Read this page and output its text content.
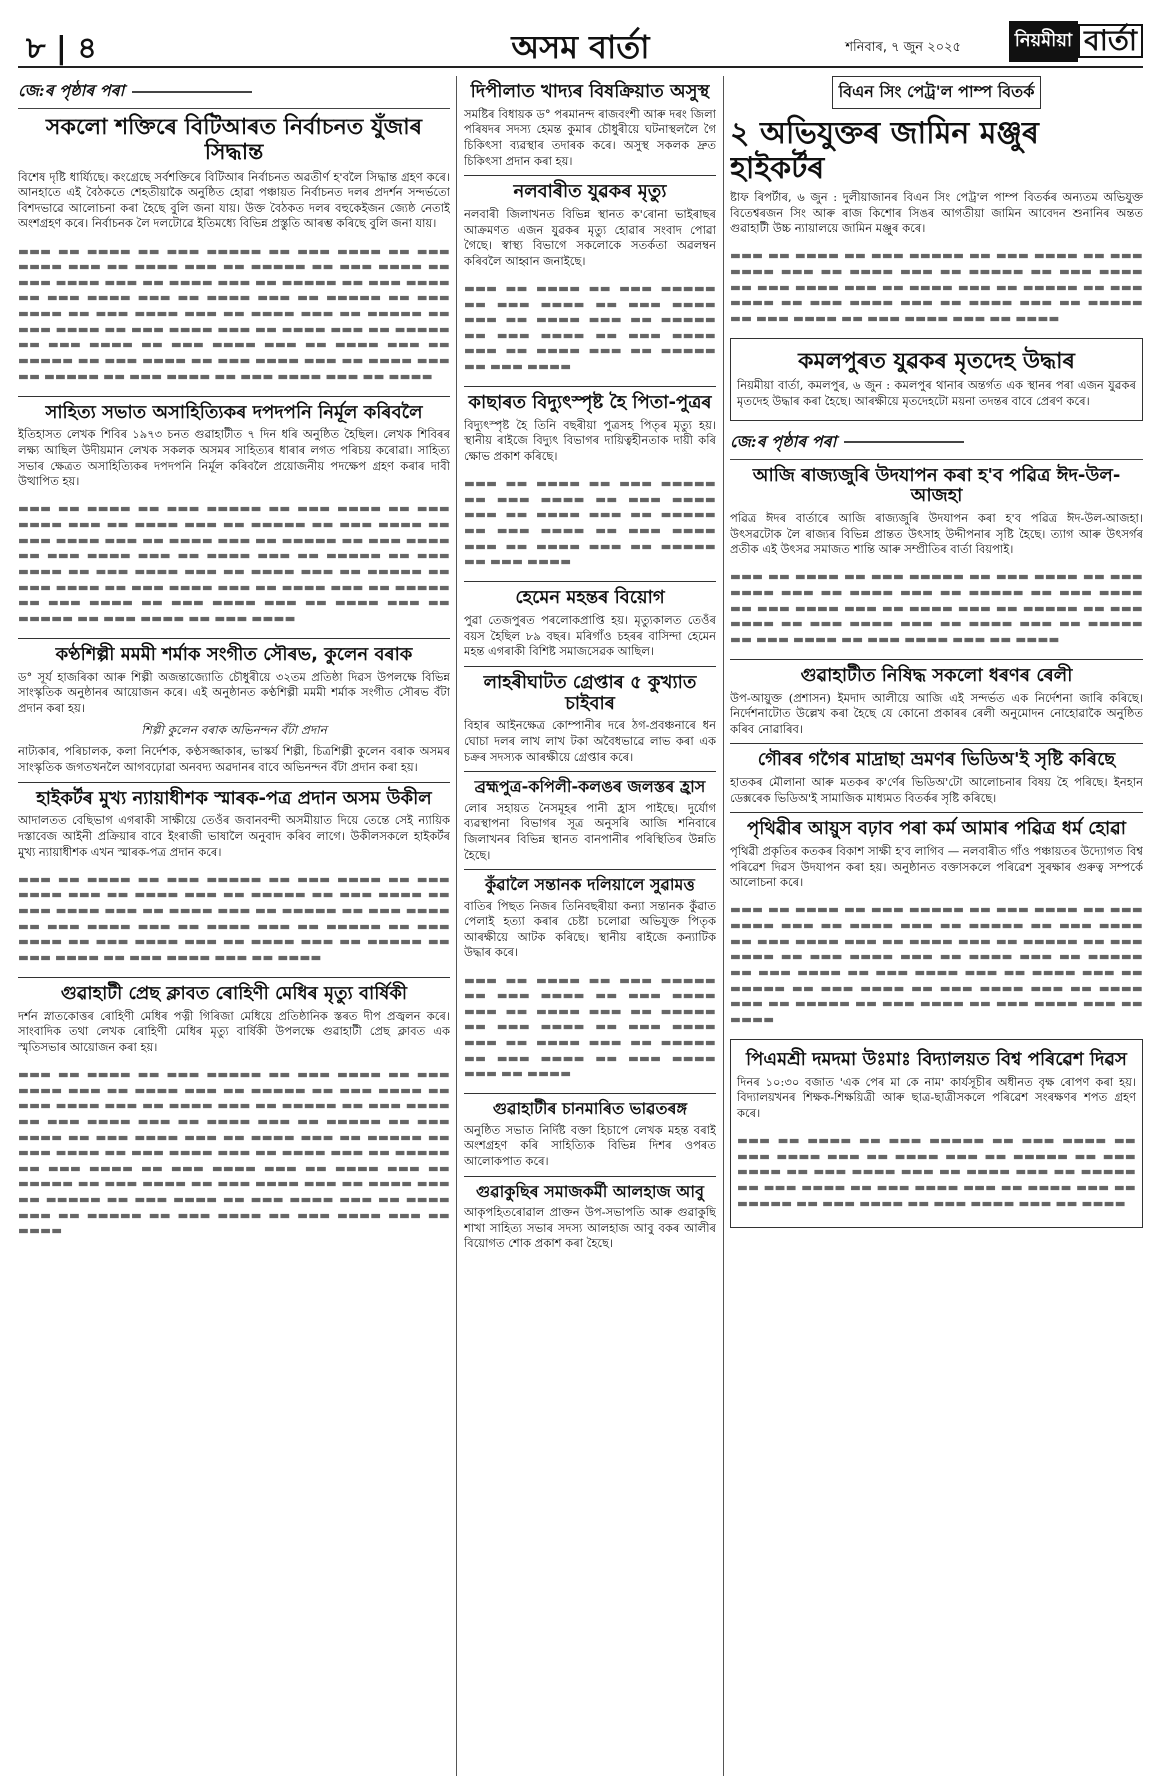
৮ | ৪	অসম বাৰ্তা	শনিবাৰ, ৭ জুন ২০২৫	নিয়মীয়া বাৰ্তা
জে:ৰ পৃষ্ঠাৰ পৰা
সকলো শক্তিৰে বিটিআৰত নিৰ্বাচনত যুঁজাৰ সিদ্ধান্ত

বিশেষ দৃষ্টি ধাৰ্য্যিছে। কংগ্ৰেছে সৰ্বশক্তিৰে বিটিআৰ নিৰ্বাচনত অৱতীৰ্ণ হ'বলৈ সিদ্ধান্ত গ্ৰহণ কৰে। আনহাতে এই বৈঠকতে শেহতীয়াকৈ অনুষ্ঠিত হোৱা পঞ্চায়ত নিৰ্বাচনত দলৰ প্ৰদৰ্শন সন্দৰ্ভতো বিশদভাৱে আলোচনা কৰা হৈছে বুলি জনা যায়। উক্ত বৈঠকত দলৰ বহুকেইজন জ্যেষ্ঠ নেতাই অংশগ্ৰহণ কৰে। নিৰ্বাচনক লৈ দলটোৱে ইতিমধ্যে বিভিন্ন প্ৰস্তুতি আৰম্ভ কৰিছে বুলি জনা যায়।

▬▬▬ ▬▬ ▬▬▬▬ ▬▬ ▬▬▬ ▬▬▬▬▬ ▬▬ ▬▬▬ ▬▬▬▬ ▬▬ ▬▬▬ ▬▬▬▬ ▬▬▬ ▬▬ ▬▬▬▬ ▬▬▬ ▬▬ ▬▬▬▬▬ ▬▬ ▬▬▬ ▬▬▬▬ ▬▬ ▬▬▬ ▬▬▬▬ ▬▬▬ ▬▬ ▬▬▬▬ ▬▬▬ ▬▬ ▬▬▬▬▬ ▬▬ ▬▬▬ ▬▬▬▬ ▬▬ ▬▬▬ ▬▬▬▬ ▬▬▬ ▬▬ ▬▬▬▬ ▬▬▬ ▬▬ ▬▬▬▬▬ ▬▬ ▬▬▬ ▬▬▬▬ ▬▬ ▬▬▬ ▬▬▬▬ ▬▬▬ ▬▬ ▬▬▬▬ ▬▬▬ ▬▬ ▬▬▬▬▬ ▬▬ ▬▬▬ ▬▬▬▬ ▬▬ ▬▬▬ ▬▬▬▬ ▬▬▬ ▬▬ ▬▬▬▬ ▬▬▬ ▬▬ ▬▬▬▬▬ ▬▬ ▬▬▬ ▬▬▬▬ ▬▬ ▬▬▬ ▬▬▬▬ ▬▬▬ ▬▬ ▬▬▬▬ ▬▬▬ ▬▬ ▬▬▬▬▬ ▬▬ ▬▬▬ ▬▬▬▬ ▬▬ ▬▬▬ ▬▬▬▬ ▬▬▬ ▬▬ ▬▬▬▬ ▬▬▬ ▬▬ ▬▬▬▬▬ ▬▬ ▬▬▬ ▬▬▬▬ ▬▬ ▬▬▬ ▬▬▬▬ ▬▬▬ ▬▬ ▬▬▬▬

সাহিত্য সভাত অসাহিত্যিকৰ দপদপনি নিৰ্মূল কৰিবলৈ

ইতিহাসত লেখক শিবিৰ ১৯৭৩ চনত গুৱাহাটীত ৭ দিন ধৰি অনুষ্ঠিত হৈছিল। লেখক শিবিৰৰ লক্ষ্য আছিল উদীয়মান লেখক সকলক অসমৰ সাহিত্যৰ ধাৰাৰ লগত পৰিচয় কৰোৱা। সাহিত্য সভাৰ ক্ষেত্ৰত অসাহিত্যিকৰ দপদপনি নিৰ্মূল কৰিবলৈ প্ৰয়োজনীয় পদক্ষেপ গ্ৰহণ কৰাৰ দাবী উত্থাপিত হয়।

▬▬▬ ▬▬ ▬▬▬▬ ▬▬ ▬▬▬ ▬▬▬▬▬ ▬▬ ▬▬▬ ▬▬▬▬ ▬▬ ▬▬▬ ▬▬▬▬ ▬▬▬ ▬▬ ▬▬▬▬ ▬▬▬ ▬▬ ▬▬▬▬▬ ▬▬ ▬▬▬ ▬▬▬▬ ▬▬ ▬▬▬ ▬▬▬▬ ▬▬▬ ▬▬ ▬▬▬▬ ▬▬▬ ▬▬ ▬▬▬▬▬ ▬▬ ▬▬▬ ▬▬▬▬ ▬▬ ▬▬▬ ▬▬▬▬ ▬▬▬ ▬▬ ▬▬▬▬ ▬▬▬ ▬▬ ▬▬▬▬▬ ▬▬ ▬▬▬ ▬▬▬▬ ▬▬ ▬▬▬ ▬▬▬▬ ▬▬▬ ▬▬ ▬▬▬▬ ▬▬▬ ▬▬ ▬▬▬▬▬ ▬▬ ▬▬▬ ▬▬▬▬ ▬▬ ▬▬▬ ▬▬▬▬ ▬▬▬ ▬▬ ▬▬▬▬ ▬▬▬ ▬▬ ▬▬▬▬▬ ▬▬ ▬▬▬ ▬▬▬▬ ▬▬ ▬▬▬ ▬▬▬▬ ▬▬▬ ▬▬ ▬▬▬▬ ▬▬▬ ▬▬ ▬▬▬▬▬ ▬▬ ▬▬▬ ▬▬▬▬ ▬▬ ▬▬▬ ▬▬▬▬

কণ্ঠশিল্পী মমমী শৰ্মাক সংগীত সৌৰভ, কুলেন বৰাক

ড° সূৰ্য হাজৰিকা আৰু শিল্পী অজন্তাজ্যোতি চৌধুৰীয়ে ৩২তম প্ৰতিষ্ঠা দিৱস উপলক্ষে বিভিন্ন সাংস্কৃতিক অনুষ্ঠানৰ আয়োজন কৰে। এই অনুষ্ঠানত কণ্ঠশিল্পী মমমী শৰ্মাক সংগীত সৌৰভ বঁটা প্ৰদান কৰা হয়।

শিল্পী কুলেন বৰাক অভিনন্দন বঁটা প্ৰদান

নাট্যকাৰ, পৰিচালক, কলা নিৰ্দেশক, কণ্ঠসজ্জাকাৰ, ভাস্কৰ্য শিল্পী, চিত্ৰশিল্পী কুলেন বৰাক অসমৰ সাংস্কৃতিক জগতখনলৈ আগবঢ়োৱা অনবদ্য অৱদানৰ বাবে অভিনন্দন বঁটা প্ৰদান কৰা হয়।

হাইকৰ্টৰ মুখ্য ন্যায়াধীশক স্মাৰক-পত্ৰ প্ৰদান অসম উকীল

আদালতত বেছিভাগ এগৰাকী সাক্ষীয়ে তেওঁৰ জবানবন্দী অসমীয়াত দিয়ে তেন্তে সেই ন্যায়িক দস্তাবেজ আইনী প্ৰক্ৰিয়াৰ বাবে ইংৰাজী ভাষালৈ অনুবাদ কৰিব লাগে। উকীলসকলে হাইকৰ্টৰ মুখ্য ন্যায়াধীশক এখন স্মাৰক-পত্ৰ প্ৰদান কৰে।

▬▬▬ ▬▬ ▬▬▬▬ ▬▬ ▬▬▬ ▬▬▬▬▬ ▬▬ ▬▬▬ ▬▬▬▬ ▬▬ ▬▬▬ ▬▬▬▬ ▬▬▬ ▬▬ ▬▬▬▬ ▬▬▬ ▬▬ ▬▬▬▬▬ ▬▬ ▬▬▬ ▬▬▬▬ ▬▬ ▬▬▬ ▬▬▬▬ ▬▬▬ ▬▬ ▬▬▬▬ ▬▬▬ ▬▬ ▬▬▬▬▬ ▬▬ ▬▬▬ ▬▬▬▬ ▬▬ ▬▬▬ ▬▬▬▬ ▬▬▬ ▬▬ ▬▬▬▬ ▬▬▬ ▬▬ ▬▬▬▬▬ ▬▬ ▬▬▬ ▬▬▬▬ ▬▬ ▬▬▬ ▬▬▬▬ ▬▬▬ ▬▬ ▬▬▬▬ ▬▬▬ ▬▬ ▬▬▬▬▬ ▬▬ ▬▬▬ ▬▬▬▬ ▬▬ ▬▬▬ ▬▬▬▬ ▬▬▬ ▬▬ ▬▬▬▬

গুৱাহাটী প্ৰেছ ক্লাবত ৰোহিণী মেধিৰ মৃত্যু বাৰ্ষিকী

দৰ্শন স্নাতকোত্তৰ ৰোহিণী মেধিৰ পত্নী গিৰিজা মেধিয়ে প্ৰতিষ্ঠানিক স্তৰত দীপ প্ৰজ্বলন কৰে। সাংবাদিক তথা লেখক ৰোহিণী মেধিৰ মৃত্যু বাৰ্ষিকী উপলক্ষে গুৱাহাটী প্ৰেছ ক্লাবত এক স্মৃতিসভাৰ আয়োজন কৰা হয়।

▬▬▬ ▬▬ ▬▬▬▬ ▬▬ ▬▬▬ ▬▬▬▬▬ ▬▬ ▬▬▬ ▬▬▬▬ ▬▬ ▬▬▬ ▬▬▬▬ ▬▬▬ ▬▬ ▬▬▬▬ ▬▬▬ ▬▬ ▬▬▬▬▬ ▬▬ ▬▬▬ ▬▬▬▬ ▬▬ ▬▬▬ ▬▬▬▬ ▬▬▬ ▬▬ ▬▬▬▬ ▬▬▬ ▬▬ ▬▬▬▬▬ ▬▬ ▬▬▬ ▬▬▬▬ ▬▬ ▬▬▬ ▬▬▬▬ ▬▬▬ ▬▬ ▬▬▬▬ ▬▬▬ ▬▬ ▬▬▬▬▬ ▬▬ ▬▬▬ ▬▬▬▬ ▬▬ ▬▬▬ ▬▬▬▬ ▬▬▬ ▬▬ ▬▬▬▬ ▬▬▬ ▬▬ ▬▬▬▬▬ ▬▬ ▬▬▬ ▬▬▬▬ ▬▬ ▬▬▬ ▬▬▬▬ ▬▬▬ ▬▬ ▬▬▬▬ ▬▬▬ ▬▬ ▬▬▬▬▬ ▬▬ ▬▬▬ ▬▬▬▬ ▬▬ ▬▬▬ ▬▬▬▬ ▬▬▬ ▬▬ ▬▬▬▬ ▬▬▬ ▬▬ ▬▬▬▬▬ ▬▬ ▬▬▬ ▬▬▬▬ ▬▬ ▬▬▬ ▬▬▬▬ ▬▬▬ ▬▬ ▬▬▬▬ ▬▬▬ ▬▬ ▬▬▬▬▬ ▬▬ ▬▬▬ ▬▬▬▬ ▬▬ ▬▬▬ ▬▬▬▬ ▬▬▬ ▬▬ ▬▬▬▬ ▬▬▬ ▬▬ ▬▬▬▬▬ ▬▬ ▬▬▬ ▬▬▬▬ ▬▬ ▬▬▬ ▬▬▬▬ ▬▬▬ ▬▬ ▬▬▬▬

দিপীলাত খাদ্যৰ বিষক্ৰিয়াত অসুস্থ

সমষ্টিৰ বিধায়ক ড° পৰমানন্দ ৰাজবংশী আৰু দৰং জিলা পৰিষদৰ সদস্য হেমন্ত কুমাৰ চৌধুৰীয়ে ঘটনাস্থললৈ গৈ চিকিৎসা ব্যৱস্থাৰ তদাৰক কৰে। অসুস্থ সকলক দ্ৰুত চিকিৎসা প্ৰদান কৰা হয়।

নলবাৰীত যুৱকৰ মৃত্যু

নলবাৰী জিলাখনত বিভিন্ন স্থানত ক'ৰোনা ভাইৰাছৰ আক্ৰমণত এজন যুৱকৰ মৃত্যু হোৱাৰ সংবাদ পোৱা গৈছে। স্বাস্থ্য বিভাগে সকলোকে সতৰ্কতা অৱলম্বন কৰিবলৈ আহ্বান জনাইছে।

▬▬▬ ▬▬ ▬▬▬▬ ▬▬ ▬▬▬ ▬▬▬▬▬ ▬▬ ▬▬▬ ▬▬▬▬ ▬▬ ▬▬▬ ▬▬▬▬ ▬▬▬ ▬▬ ▬▬▬▬ ▬▬▬ ▬▬ ▬▬▬▬▬ ▬▬ ▬▬▬ ▬▬▬▬ ▬▬ ▬▬▬ ▬▬▬▬ ▬▬▬ ▬▬ ▬▬▬▬ ▬▬▬ ▬▬ ▬▬▬▬▬ ▬▬ ▬▬▬ ▬▬▬▬

কাছাৰত বিদ্যুৎস্পৃষ্ট হৈ পিতা-পুত্ৰৰ

বিদ্যুৎস্পৃষ্ট হৈ তিনি বছৰীয়া পুত্ৰসহ পিতৃৰ মৃত্যু হয়। স্থানীয় ৰাইজে বিদ্যুৎ বিভাগৰ দায়িত্বহীনতাক দায়ী কৰি ক্ষোভ প্ৰকাশ কৰিছে।

▬▬▬ ▬▬ ▬▬▬▬ ▬▬ ▬▬▬ ▬▬▬▬▬ ▬▬ ▬▬▬ ▬▬▬▬ ▬▬ ▬▬▬ ▬▬▬▬ ▬▬▬ ▬▬ ▬▬▬▬ ▬▬▬ ▬▬ ▬▬▬▬▬ ▬▬ ▬▬▬ ▬▬▬▬ ▬▬ ▬▬▬ ▬▬▬▬ ▬▬▬ ▬▬ ▬▬▬▬ ▬▬▬ ▬▬ ▬▬▬▬▬ ▬▬ ▬▬▬ ▬▬▬▬

হেমেন মহন্তৰ বিয়োগ

পুৱা তেজপুৰত পৰলোকপ্ৰাপ্তি হয়। মৃত্যুকালত তেওঁৰ বয়স হৈছিল ৮৯ বছৰ। মৰিগাঁও চহৰৰ বাসিন্দা হেমেন মহন্ত এগৰাকী বিশিষ্ট সমাজসেৱক আছিল।

লাহৰীঘাটত গ্ৰেপ্তাৰ ৫ কুখ্যাত চাইবাৰ

বিহাৰ আইনক্ষেত্ৰ কোম্পানীৰ দৰে ঠগ-প্ৰবঞ্চনাৰে ধন ঘোচা দলৰ লাখ লাখ টকা অবৈধভাৱে লাভ কৰা এক চক্ৰৰ সদস্যক আৰক্ষীয়ে গ্ৰেপ্তাৰ কৰে।

ব্ৰহ্মপুত্ৰ-কপিলী-কলঙৰ জলস্তৰ হ্ৰাস

লোৰ সহায়ত নৈসমূহৰ পানী হ্ৰাস পাইছে। দুৰ্যোগ ব্যৱস্থাপনা বিভাগৰ সূত্ৰ অনুসৰি আজি শনিবাৰে জিলাখনৰ বিভিন্ন স্থানত বানপানীৰ পৰিস্থিতিৰ উন্নতি হৈছে।

কুঁৱালৈ সন্তানক দলিয়ালে সুৱামত্ত

বাতিৰ পিছত নিজৰ তিনিবছৰীয়া কন্যা সন্তানক কুঁৱাত পেলাই হত্যা কৰাৰ চেষ্টা চলোৱা অভিযুক্ত পিতৃক আৰক্ষীয়ে আটক কৰিছে। স্থানীয় ৰাইজে কন্যাটিক উদ্ধাৰ কৰে।

▬▬▬ ▬▬ ▬▬▬▬ ▬▬ ▬▬▬ ▬▬▬▬▬ ▬▬ ▬▬▬ ▬▬▬▬ ▬▬ ▬▬▬ ▬▬▬▬ ▬▬▬ ▬▬ ▬▬▬▬ ▬▬▬ ▬▬ ▬▬▬▬▬ ▬▬ ▬▬▬ ▬▬▬▬ ▬▬ ▬▬▬ ▬▬▬▬ ▬▬▬ ▬▬ ▬▬▬▬ ▬▬▬ ▬▬ ▬▬▬▬▬ ▬▬ ▬▬▬ ▬▬▬▬ ▬▬ ▬▬▬ ▬▬▬▬ ▬▬▬ ▬▬ ▬▬▬▬

গুৱাহাটীৰ চানমাৰিত ভাৱতৰঙ্গ

অনুষ্ঠিত সভাত নির্দিষ্ট বক্তা হিচাপে লেখক মহন্ত বৰাই অংশগ্ৰহণ কৰি সাহিত্যিক বিভিন্ন দিশৰ ওপৰত আলোকপাত কৰে।

গুৱাকুছিৰ সমাজকৰ্মী আলহাজ আবু

আকৃপহিতৰোৱাল প্ৰাক্তন উপ-সভাপতি আৰু গুৱাকুছি শাখা সাহিত্য সভাৰ সদস্য আলহাজ আবু বকৰ আলীৰ বিয়োগত শোক প্ৰকাশ কৰা হৈছে।

বিএন সিং পেট্ৰ'ল পাম্প বিতৰ্ক
২ অভিযুক্তৰ জামিন মঞ্জুৰ হাইকৰ্টৰ

ষ্টাফ ৰিপৰ্টাৰ, ৬ জুন : দুলীয়াজানৰ বিএন সিং পেট্ৰ'ল পাম্প বিতৰ্কৰ অন্যতম অভিযুক্ত বিতেশ্বৰজন সিং আৰু ৰাজ কিশোৰ সিঙৰ আগতীয়া জামিন আবেদন শুনানিৰ অন্তত গুৱাহাটী উচ্চ ন্যায়ালয়ে জামিন মঞ্জুৰ কৰে।

▬▬▬ ▬▬ ▬▬▬▬ ▬▬ ▬▬▬ ▬▬▬▬▬ ▬▬ ▬▬▬ ▬▬▬▬ ▬▬ ▬▬▬ ▬▬▬▬ ▬▬▬ ▬▬ ▬▬▬▬ ▬▬▬ ▬▬ ▬▬▬▬▬ ▬▬ ▬▬▬ ▬▬▬▬ ▬▬ ▬▬▬ ▬▬▬▬ ▬▬▬ ▬▬ ▬▬▬▬ ▬▬▬ ▬▬ ▬▬▬▬▬ ▬▬ ▬▬▬ ▬▬▬▬ ▬▬ ▬▬▬ ▬▬▬▬ ▬▬▬ ▬▬ ▬▬▬▬ ▬▬▬ ▬▬ ▬▬▬▬▬ ▬▬ ▬▬▬ ▬▬▬▬ ▬▬ ▬▬▬ ▬▬▬▬ ▬▬▬ ▬▬ ▬▬▬▬

কমলপুৰত যুৱকৰ মৃতদেহ উদ্ধাৰ

নিয়মীয়া বাৰ্তা, কমলপুৰ, ৬ জুন : কমলপুৰ থানাৰ অন্তৰ্গত এক স্থানৰ পৰা এজন যুৱকৰ মৃতদেহ উদ্ধাৰ কৰা হৈছে। আৰক্ষীয়ে মৃতদেহটো ময়না তদন্তৰ বাবে প্ৰেৰণ কৰে।

জে:ৰ পৃষ্ঠাৰ পৰা
আজি ৰাজ্যজুৰি উদযাপন কৰা হ'ব পৱিত্ৰ ঈদ-উল-আজহা

পৱিত্ৰ ঈদৰ বাৰ্তাৰে আজি ৰাজ্যজুৰি উদযাপন কৰা হ'ব পৱিত্ৰ ঈদ-উল-আজহা। উৎসৱটোক লৈ ৰাজ্যৰ বিভিন্ন প্ৰান্তত উৎসাহ উদ্দীপনাৰ সৃষ্টি হৈছে। ত্যাগ আৰু উৎসৰ্গৰ প্ৰতীক এই উৎসৱ সমাজত শান্তি আৰু সম্প্ৰীতিৰ বাৰ্তা বিয়পাই।

▬▬▬ ▬▬ ▬▬▬▬ ▬▬ ▬▬▬ ▬▬▬▬▬ ▬▬ ▬▬▬ ▬▬▬▬ ▬▬ ▬▬▬ ▬▬▬▬ ▬▬▬ ▬▬ ▬▬▬▬ ▬▬▬ ▬▬ ▬▬▬▬▬ ▬▬ ▬▬▬ ▬▬▬▬ ▬▬ ▬▬▬ ▬▬▬▬ ▬▬▬ ▬▬ ▬▬▬▬ ▬▬▬ ▬▬ ▬▬▬▬▬ ▬▬ ▬▬▬ ▬▬▬▬ ▬▬ ▬▬▬ ▬▬▬▬ ▬▬▬ ▬▬ ▬▬▬▬ ▬▬▬ ▬▬ ▬▬▬▬▬ ▬▬ ▬▬▬ ▬▬▬▬ ▬▬ ▬▬▬ ▬▬▬▬ ▬▬▬ ▬▬ ▬▬▬▬

গুৱাহাটীত নিষিদ্ধ সকলো ধৰণৰ ৰেলী

উপ-আয়ুক্ত (প্ৰশাসন) ইমদাদ আলীয়ে আজি এই সন্দৰ্ভত এক নিৰ্দেশনা জাৰি কৰিছে। নিৰ্দেশনাটোত উল্লেখ কৰা হৈছে যে কোনো প্ৰকাৰৰ ৰেলী অনুমোদন নোহোৱাকৈ অনুষ্ঠিত কৰিব নোৱাৰিব।

গৌৰৰ গগৈৰ মাদ্ৰাছা ভ্ৰমণৰ ভিডিঅ'ই সৃষ্টি কৰিছে

হাতকৰ মৌলানা আৰু মতকৰ ক'ৰ্ণেৰ ভিডিঅ'টো আলোচনাৰ বিষয় হৈ পৰিছে। ইনহান ডেক্সৰেক ভিডিঅ'ই সামাজিক মাধ্যমত বিতৰ্কৰ সৃষ্টি কৰিছে।

পৃথিৱীৰ আয়ুস বঢ়াব পৰা কৰ্ম আমাৰ পৱিত্ৰ ধৰ্ম হোৱা

পৃথিৱী প্ৰকৃতিৰ কতকৰ বিকাশ সাক্ষী হ'ব লাগিব — নলবাৰীত গাঁও পঞ্চায়তৰ উদ্যোগত বিশ্ব পৰিৱেশ দিৱস উদযাপন কৰা হয়। অনুষ্ঠানত বক্তাসকলে পৰিৱেশ সুৰক্ষাৰ গুৰুত্ব সম্পৰ্কে আলোচনা কৰে।

▬▬▬ ▬▬ ▬▬▬▬ ▬▬ ▬▬▬ ▬▬▬▬▬ ▬▬ ▬▬▬ ▬▬▬▬ ▬▬ ▬▬▬ ▬▬▬▬ ▬▬▬ ▬▬ ▬▬▬▬ ▬▬▬ ▬▬ ▬▬▬▬▬ ▬▬ ▬▬▬ ▬▬▬▬ ▬▬ ▬▬▬ ▬▬▬▬ ▬▬▬ ▬▬ ▬▬▬▬ ▬▬▬ ▬▬ ▬▬▬▬▬ ▬▬ ▬▬▬ ▬▬▬▬ ▬▬ ▬▬▬ ▬▬▬▬ ▬▬▬ ▬▬ ▬▬▬▬ ▬▬▬ ▬▬ ▬▬▬▬▬ ▬▬ ▬▬▬ ▬▬▬▬ ▬▬ ▬▬▬ ▬▬▬▬ ▬▬▬ ▬▬ ▬▬▬▬ ▬▬▬ ▬▬ ▬▬▬▬▬ ▬▬ ▬▬▬ ▬▬▬▬ ▬▬ ▬▬▬ ▬▬▬▬ ▬▬▬ ▬▬ ▬▬▬▬ ▬▬▬ ▬▬ ▬▬▬▬▬ ▬▬ ▬▬▬ ▬▬▬▬ ▬▬ ▬▬▬ ▬▬▬▬ ▬▬▬ ▬▬ ▬▬▬▬

পিএমশ্ৰী দমদমা উঃমাঃ বিদ্যালয়ত বিশ্ব পৰিৱেশ দিৱস

দিনৰ ১০:৩০ বজাত 'এক পেৰ মা কে নাম' কাৰ্যসূচীৰ অধীনত বৃক্ষ ৰোপণ কৰা হয়। বিদ্যালয়খনৰ শিক্ষক-শিক্ষয়িত্ৰী আৰু ছাত্ৰ-ছাত্ৰীসকলে পৰিৱেশ সংৰক্ষণৰ শপত গ্ৰহণ কৰে।

▬▬▬ ▬▬ ▬▬▬▬ ▬▬ ▬▬▬ ▬▬▬▬▬ ▬▬ ▬▬▬ ▬▬▬▬ ▬▬ ▬▬▬ ▬▬▬▬ ▬▬▬ ▬▬ ▬▬▬▬ ▬▬▬ ▬▬ ▬▬▬▬▬ ▬▬ ▬▬▬ ▬▬▬▬ ▬▬ ▬▬▬ ▬▬▬▬ ▬▬▬ ▬▬ ▬▬▬▬ ▬▬▬ ▬▬ ▬▬▬▬▬ ▬▬ ▬▬▬ ▬▬▬▬ ▬▬ ▬▬▬ ▬▬▬▬ ▬▬▬ ▬▬ ▬▬▬▬ ▬▬▬ ▬▬ ▬▬▬▬▬ ▬▬ ▬▬▬ ▬▬▬▬ ▬▬ ▬▬▬ ▬▬▬▬ ▬▬▬ ▬▬ ▬▬▬▬
